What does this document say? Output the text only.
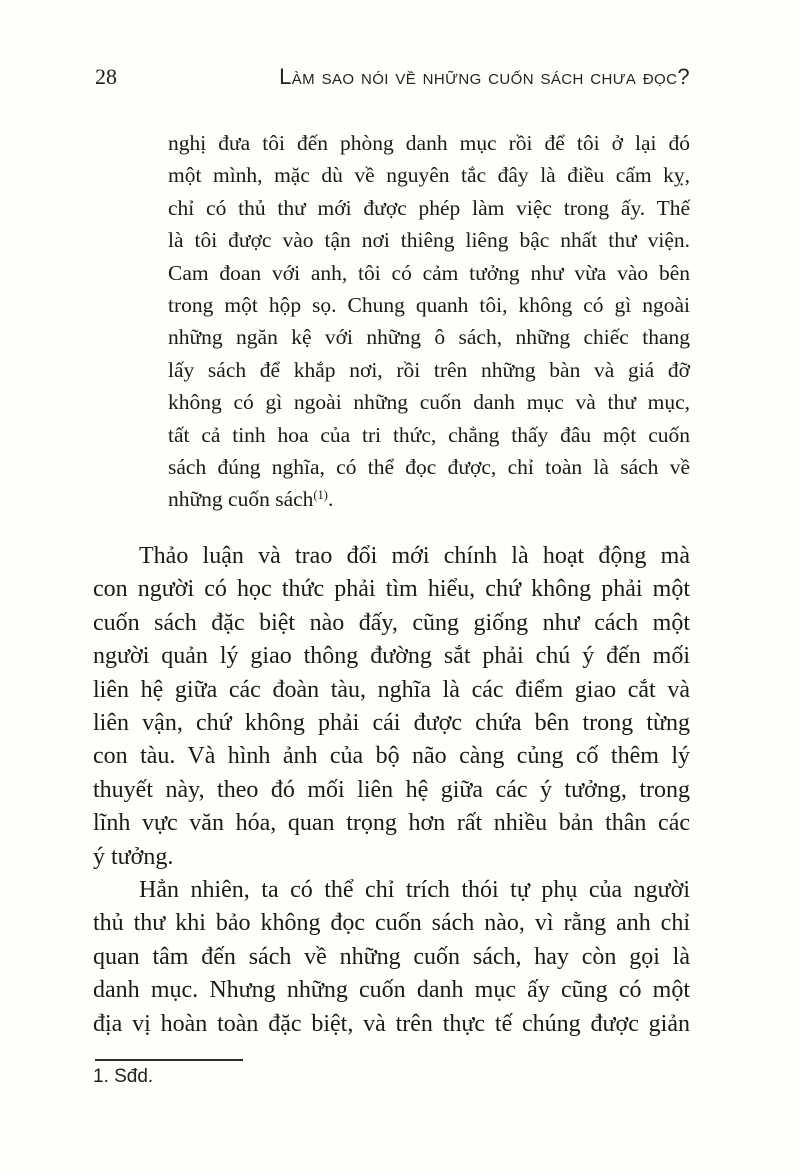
28	Làm sao nói về những cuốn sách chưa đọc?
nghị đưa tôi đến phòng danh mục rồi để tôi ở lại đó
một mình, mặc dù về nguyên tắc đây là điều cấm kỵ,
chỉ có thủ thư mới được phép làm việc trong ấy. Thế
là tôi được vào tận nơi thiêng liêng bậc nhất thư viện.
Cam đoan với anh, tôi có cảm tưởng như vừa vào bên
trong một hộp sọ. Chung quanh tôi, không có gì ngoài
những ngăn kệ với những ô sách, những chiếc thang
lấy sách để khắp nơi, rồi trên những bàn và giá đỡ
không có gì ngoài những cuốn danh mục và thư mục,
tất cả tinh hoa của tri thức, chẳng thấy đâu một cuốn
sách đúng nghĩa, có thể đọc được, chỉ toàn là sách về
những cuốn sách$^{(1)}$.
Thảo luận và trao đổi mới chính là hoạt động mà
con người có học thức phải tìm hiểu, chứ không phải một
cuốn sách đặc biệt nào đấy, cũng giống như cách một
người quản lý giao thông đường sắt phải chú ý đến mối
liên hệ giữa các đoàn tàu, nghĩa là các điểm giao cắt và
liên vận, chứ không phải cái được chứa bên trong từng
con tàu. Và hình ảnh của bộ não càng củng cố thêm lý
thuyết này, theo đó mối liên hệ giữa các ý tưởng, trong
lĩnh vực văn hóa, quan trọng hơn rất nhiều bản thân các
ý tưởng.
Hẳn nhiên, ta có thể chỉ trích thói tự phụ của người
thủ thư khi bảo không đọc cuốn sách nào, vì rằng anh chỉ
quan tâm đến sách về những cuốn sách, hay còn gọi là
danh mục. Nhưng những cuốn danh mục ấy cũng có một
địa vị hoàn toàn đặc biệt, và trên thực tế chúng được giản
1. Sđd.
